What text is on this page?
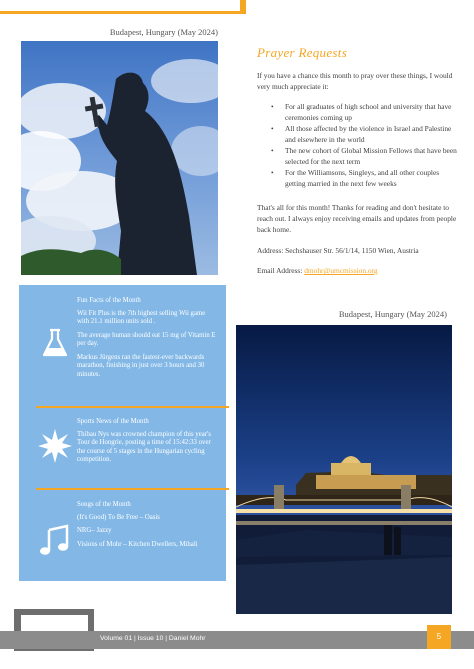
Budapest, Hungary (May 2024)
Prayer Requests
If you have a chance this month to pray over these things, I would very much appreciate it:
• For all graduates of high school and university that have ceremonies coming up
• All those affected by the violence in Israel and Palestine and elsewhere in the world
• The new cohort of Global Mission Fellows that have been selected for the next term
• For the Williamsons, Singleys, and all other couples getting married in the next few weeks
That's all for this month! Thanks for reading and don't hesitate to reach out. I always enjoy receiving emails and updates from people back home.
Address: Sechshauser Str. 56/1/14, 1150 Wien, Austria
Email Address: dmohr@umcmission.org
Fun Facts of the Month
Wii Fit Plus is the 7th highest selling Wii game with 21.1 million units sold .
The average human should eat 15 mg of Vitamin E per day.
Markus Jürgens ran the fastest-ever backwards marathon, finishing in just over 3 hours and 30 minutes.
Sports News of the Month
Thibau Nys was crowned champion of this year's Tour de Hongrie, posting a time of 15:42:33 over the course of 5 stages in the Hungarian cycling competition.
Songs of the Month
(It's Good) To Be Free – Oasis
NRG– Jazzy
Visions of Mohr – Kitchen Dwellers, Mihali
Budapest, Hungary (May 2024)
Volume 01 | Issue 10 | Daniel Mohr	5
